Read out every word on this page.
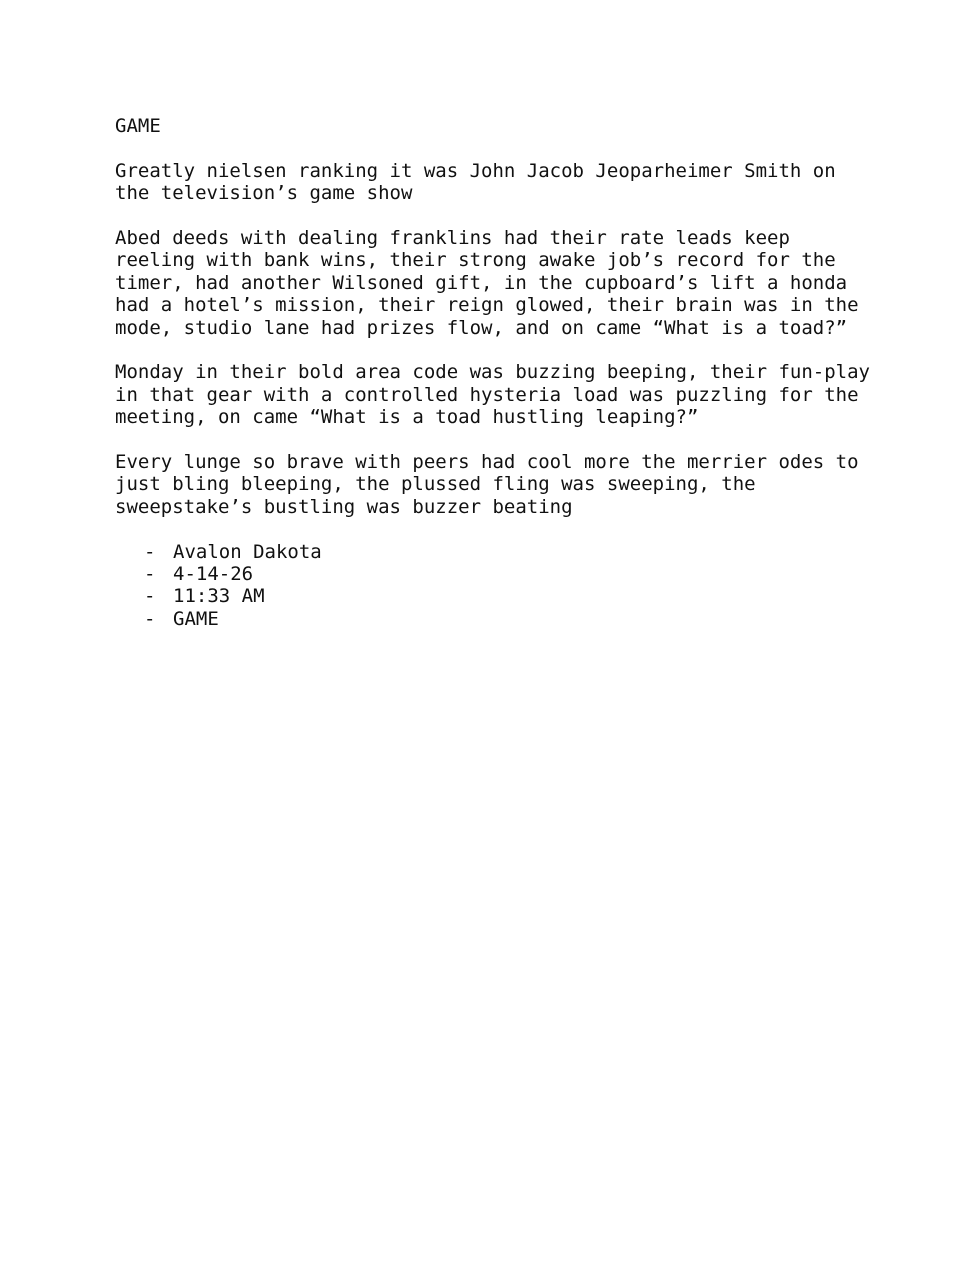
GAME
Greatly nielsen ranking it was John Jacob Jeoparheimer Smith on
the television’s game show
Abed deeds with dealing franklins had their rate leads keep
reeling with bank wins, their strong awake job’s record for the
timer, had another Wilsoned gift, in the cupboard’s lift a honda
had a hotel’s mission, their reign glowed, their brain was in the
mode, studio lane had prizes flow, and on came “What is a toad?”
Monday in their bold area code was buzzing beeping, their fun-play
in that gear with a controlled hysteria load was puzzling for the
meeting, on came “What is a toad hustling leaping?”
Every lunge so brave with peers had cool more the merrier odes to
just bling bleeping, the plussed fling was sweeping, the
sweepstake’s bustling was buzzer beating
- Avalon Dakota
- 4-14-26
- 11:33 AM
- GAME
